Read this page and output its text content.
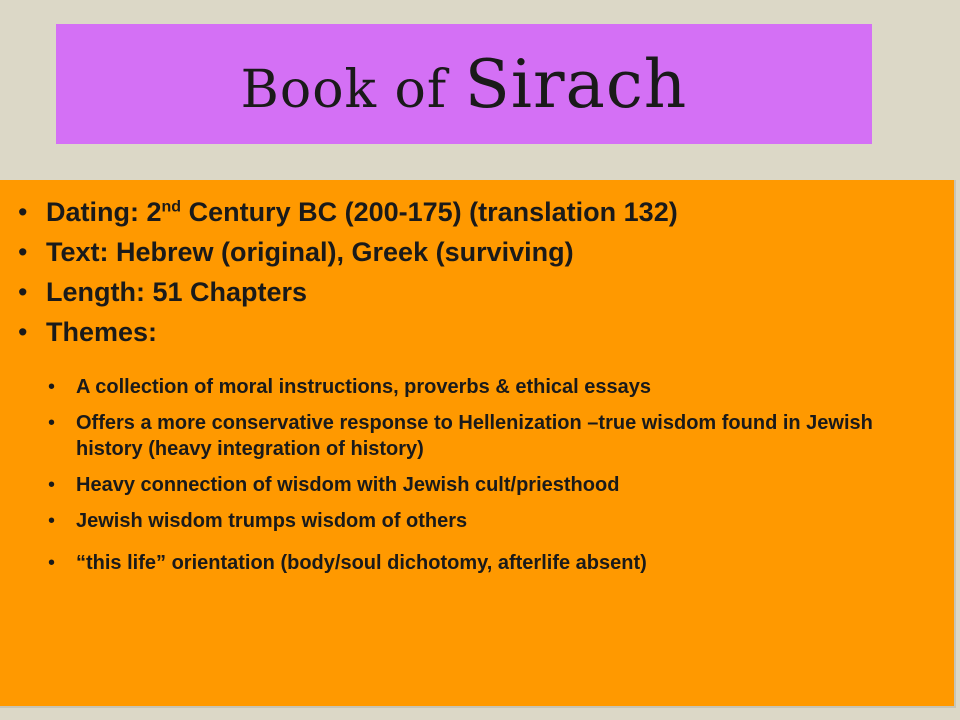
Book of Sirach
• Dating: 2nd Century BC (200-175) (translation 132)
• Text: Hebrew (original), Greek (surviving)
• Length: 51 Chapters
• Themes:
• A collection of moral instructions, proverbs & ethical essays
• Offers a more conservative response to Hellenization –true wisdom found in Jewish history (heavy integration of history)
• Heavy connection of wisdom with Jewish cult/priesthood
• Jewish wisdom trumps wisdom of others
• “this life” orientation (body/soul dichotomy, afterlife absent)
